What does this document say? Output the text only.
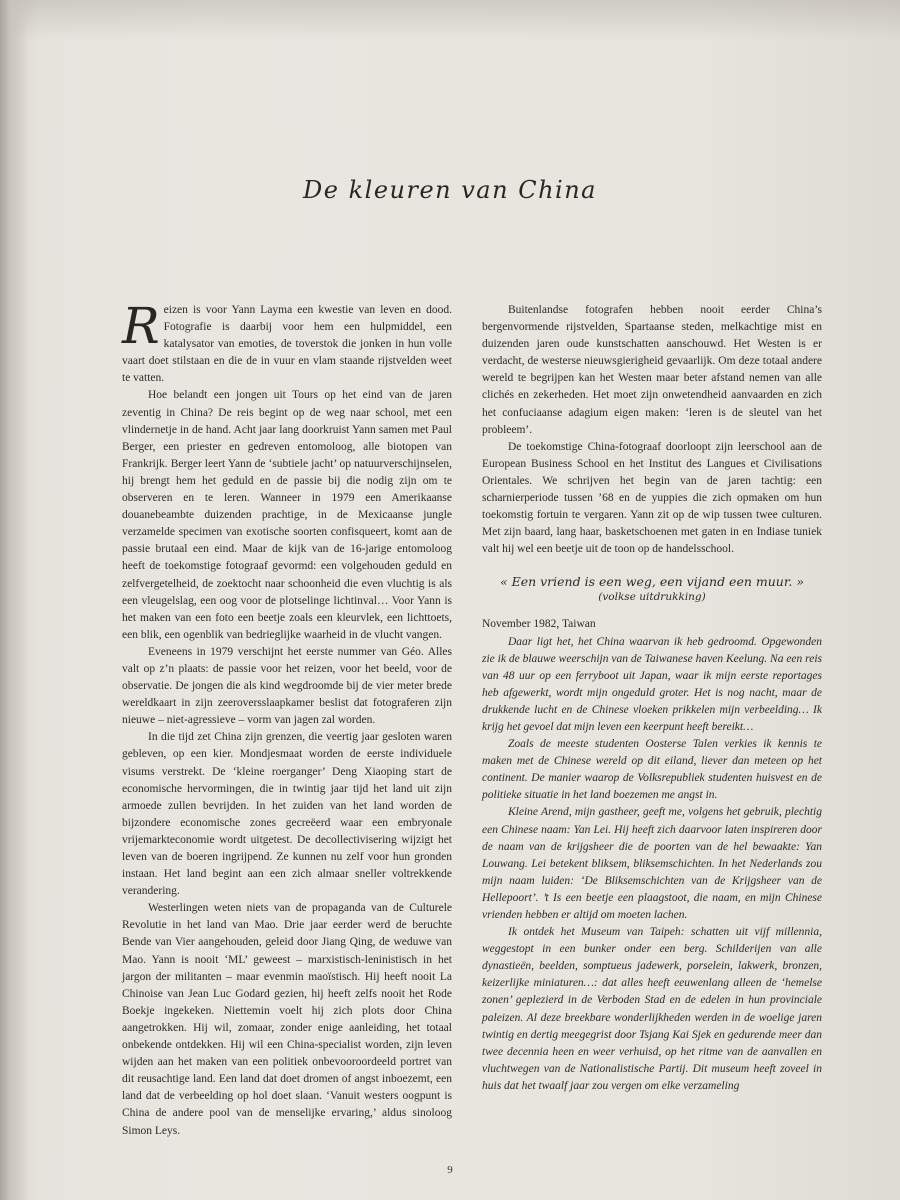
De kleuren van China

Reizen is voor Yann Layma een kwestie van leven en dood. Fotografie is daarbij voor hem een hulpmiddel, een katalysator van emoties, de toverstok die jonken in hun volle vaart doet stilstaan en die de in vuur en vlam staande rijstvelden weet te vatten.

Hoe belandt een jongen uit Tours op het eind van de jaren zeventig in China? De reis begint op de weg naar school, met een vlindernetje in de hand. Acht jaar lang doorkruist Yann samen met Paul Berger, een priester en gedreven entomoloog, alle biotopen van Frankrijk. Berger leert Yann de ‘subtiele jacht’ op natuurverschijnselen, hij brengt hem het geduld en de passie bij die nodig zijn om te observeren en te leren. Wanneer in 1979 een Amerikaanse douanebeambte duizenden prachtige, in de Mexicaanse jungle verzamelde specimen van exotische soorten confisqueert, komt aan de passie brutaal een eind. Maar de kijk van de 16-jarige entomoloog heeft de toekomstige fotograaf gevormd: een volgehouden geduld en zelfvergetelheid, de zoektocht naar schoonheid die even vluchtig is als een vleugelslag, een oog voor de plotselinge lichtinval… Voor Yann is het maken van een foto een beetje zoals een kleurvlek, een lichttoets, een blik, een ogenblik van bedrieglijke waarheid in de vlucht vangen.

Eveneens in 1979 verschijnt het eerste nummer van Géo. Alles valt op z’n plaats: de passie voor het reizen, voor het beeld, voor de observatie. De jongen die als kind wegdroomde bij de vier meter brede wereldkaart in zijn zeeroversslaapkamer beslist dat fotograferen zijn nieuwe – niet-agressieve – vorm van jagen zal worden.

In die tijd zet China zijn grenzen, die veertig jaar gesloten waren gebleven, op een kier. Mondjesmaat worden de eerste individuele visums verstrekt. De ‘kleine roerganger’ Deng Xiaoping start de economische hervormingen, die in twintig jaar tijd het land uit zijn armoede zullen bevrijden. In het zuiden van het land worden de bijzondere economische zones gecreëerd waar een embryonale vrijemarkteconomie wordt uitgetest. De decollectivisering wijzigt het leven van de boeren ingrijpend. Ze kunnen nu zelf voor hun gronden instaan. Het land begint aan een zich almaar sneller voltrekkende verandering.

Westerlingen weten niets van de propaganda van de Culturele Revolutie in het land van Mao. Drie jaar eerder werd de beruchte Bende van Vier aangehouden, geleid door Jiang Qing, de weduwe van Mao. Yann is nooit ‘ML’ geweest – marxistisch-leninistisch in het jargon der militanten – maar evenmin maoïstisch. Hij heeft nooit La Chinoise van Jean Luc Godard gezien, hij heeft zelfs nooit het Rode Boekje ingekeken. Niettemin voelt hij zich plots door China aangetrokken. Hij wil, zomaar, zonder enige aanleiding, het totaal onbekende ontdekken. Hij wil een China-specialist worden, zijn leven wijden aan het maken van een politiek onbevooroordeeld portret van dit reusachtige land. Een land dat doet dromen of angst inboezemt, een land dat de verbeelding op hol doet slaan. ‘Vanuit westers oogpunt is China de andere pool van de menselijke ervaring,’ aldus sinoloog Simon Leys.

Buitenlandse fotografen hebben nooit eerder China’s bergenvormende rijstvelden, Spartaanse steden, melkachtige mist en duizenden jaren oude kunstschatten aanschouwd. Het Westen is er verdacht, de westerse nieuwsgierigheid gevaarlijk. Om deze totaal andere wereld te begrijpen kan het Westen maar beter afstand nemen van alle clichés en zekerheden. Het moet zijn onwetendheid aanvaarden en zich het confuciaanse adagium eigen maken: ‘leren is de sleutel van het probleem’.

De toekomstige China-fotograaf doorloopt zijn leerschool aan de European Business School en het Institut des Langues et Civilisations Orientales. We schrijven het begin van de jaren tachtig: een scharnierperiode tussen ’68 en de yuppies die zich opmaken om hun toekomstig fortuin te vergaren. Yann zit op de wip tussen twee culturen. Met zijn baard, lang haar, basketschoenen met gaten in en Indiase tuniek valt hij wel een beetje uit de toon op de handelsschool.

« Een vriend is een weg, een vijand een muur. »
(volkse uitdrukking)

November 1982, Taiwan

Daar ligt het, het China waarvan ik heb gedroomd. Opgewonden zie ik de blauwe weerschijn van de Taiwanese haven Keelung. Na een reis van 48 uur op een ferryboot uit Japan, waar ik mijn eerste reportages heb afgewerkt, wordt mijn ongeduld groter. Het is nog nacht, maar de drukkende lucht en de Chinese vloeken prikkelen mijn verbeelding… Ik krijg het gevoel dat mijn leven een keerpunt heeft bereikt…

Zoals de meeste studenten Oosterse Talen verkies ik kennis te maken met de Chinese wereld op dit eiland, liever dan meteen op het continent. De manier waarop de Volksrepubliek studenten huisvest en de politieke situatie in het land boezemen me angst in.

Kleine Arend, mijn gastheer, geeft me, volgens het gebruik, plechtig een Chinese naam: Yan Lei. Hij heeft zich daarvoor laten inspireren door de naam van de krijgsheer die de poorten van de hel bewaakte: Yan Louwang. Lei betekent bliksem, bliksemschichten. In het Nederlands zou mijn naam luiden: ‘De Bliksemschichten van de Krijgsheer van de Hellepoort’. ’t Is een beetje een plaagstoot, die naam, en mijn Chinese vrienden hebben er altijd om moeten lachen.

Ik ontdek het Museum van Taipeh: schatten uit vijf millennia, weggestopt in een bunker onder een berg. Schilderijen van alle dynastieën, beelden, somptueus jadewerk, porselein, lakwerk, bronzen, keizerlijke miniaturen…: dat alles heeft eeuwenlang alleen de ‘hemelse zonen’ geplezierd in de Verboden Stad en de edelen in hun provinciale paleizen. Al deze breekbare wonderlijkheden werden in de woelige jaren twintig en dertig meegegrist door Tsjang Kai Sjek en gedurende meer dan twee decennia heen en weer verhuisd, op het ritme van de aanvallen en vluchtwegen van de Nationalistische Partij. Dit museum heeft zoveel in huis dat het twaalf jaar zou vergen om elke verzameling

9
